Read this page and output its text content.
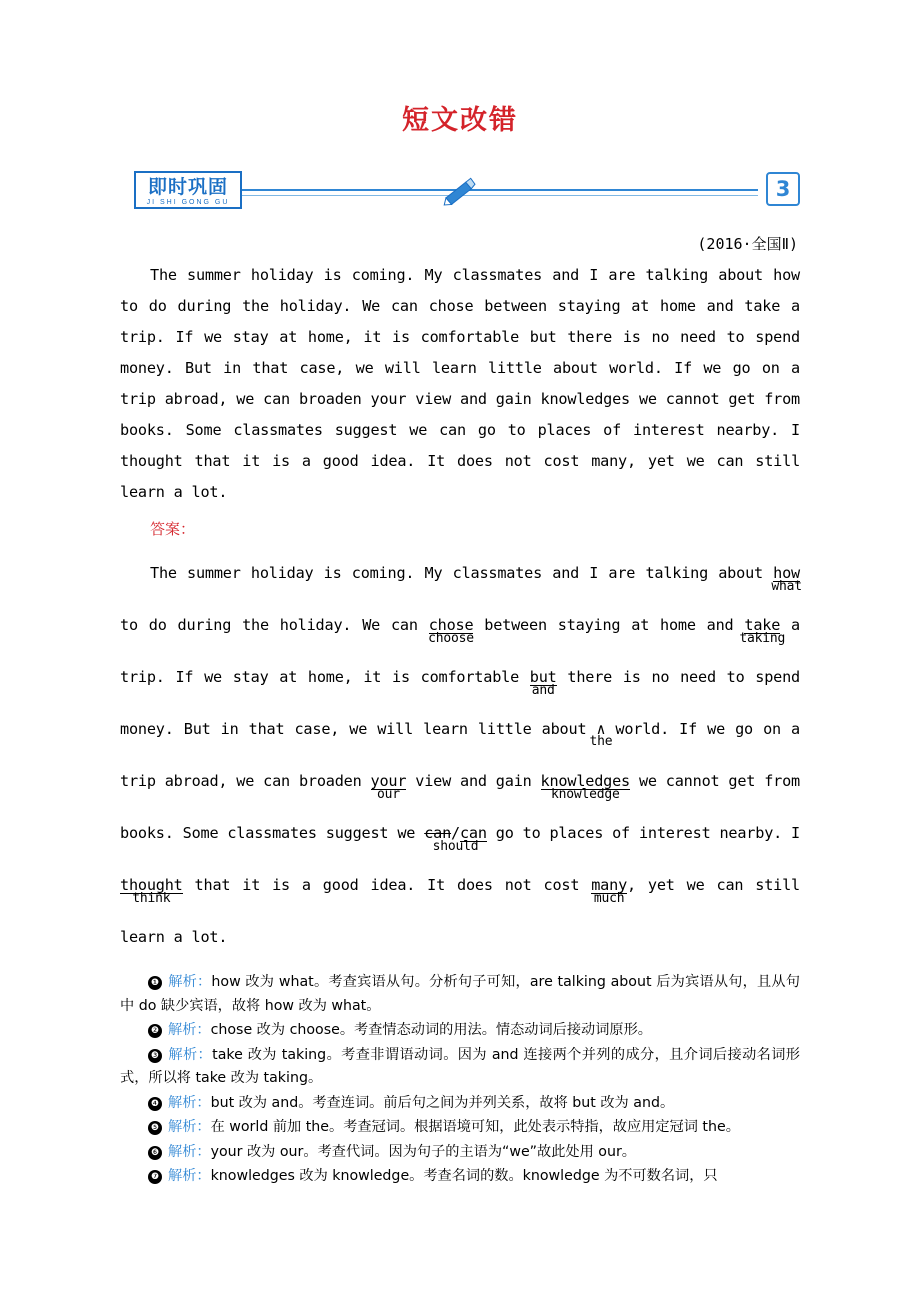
短文改错
即时巩固
JI SHI GONG GU
3
(2016·全国Ⅱ)
The summer holiday is coming. My classmates and I are talking about how to do during the holiday. We can chose between staying at home and take a trip. If we stay at home, it is comfortable but there is no need to spend money. But in that case, we will learn little about world. If we go on a trip abroad, we can broaden your view and gain knowledges we cannot get from books. Some classmates suggest we can go to places of interest nearby. I thought that it is a good idea. It does not cost many, yet we can still learn a lot.
答案：
The summer holiday is coming. My classmates and I are talking about how
what
to do during the holiday. We can chose
choose
between staying at home and take
taking
a trip. If we stay at home, it is comfortable but
and
there is no need to spend money. But in that case, we will learn little about ∧
the
world. If we go on a trip abroad, we can broaden your
our
view and gain knowledges
knowledge
we cannot get from books. Some classmates suggest we can/can
should
go to places of interest nearby. I thought
think
that it is a good idea. It does not cost many
much
, yet we can still learn a lot.
❶ 解析：how 改为 what。考查宾语从句。分析句子可知，are talking about 后为宾语从句，且从句中 do 缺少宾语，故将 how 改为 what。
❷ 解析：chose 改为 choose。考查情态动词的用法。情态动词后接动词原形。
❸ 解析：take 改为 taking。考查非谓语动词。因为 and 连接两个并列的成分，且介词后接动名词形式，所以将 take 改为 taking。
❹ 解析：but 改为 and。考查连词。前后句之间为并列关系，故将 but 改为 and。
❺ 解析：在 world 前加 the。考查冠词。根据语境可知，此处表示特指，故应用定冠词 the。
❻ 解析：your 改为 our。考查代词。因为句子的主语为“we”故此处用 our。
❼ 解析：knowledges 改为 knowledge。考查名词的数。knowledge 为不可数名词，只
